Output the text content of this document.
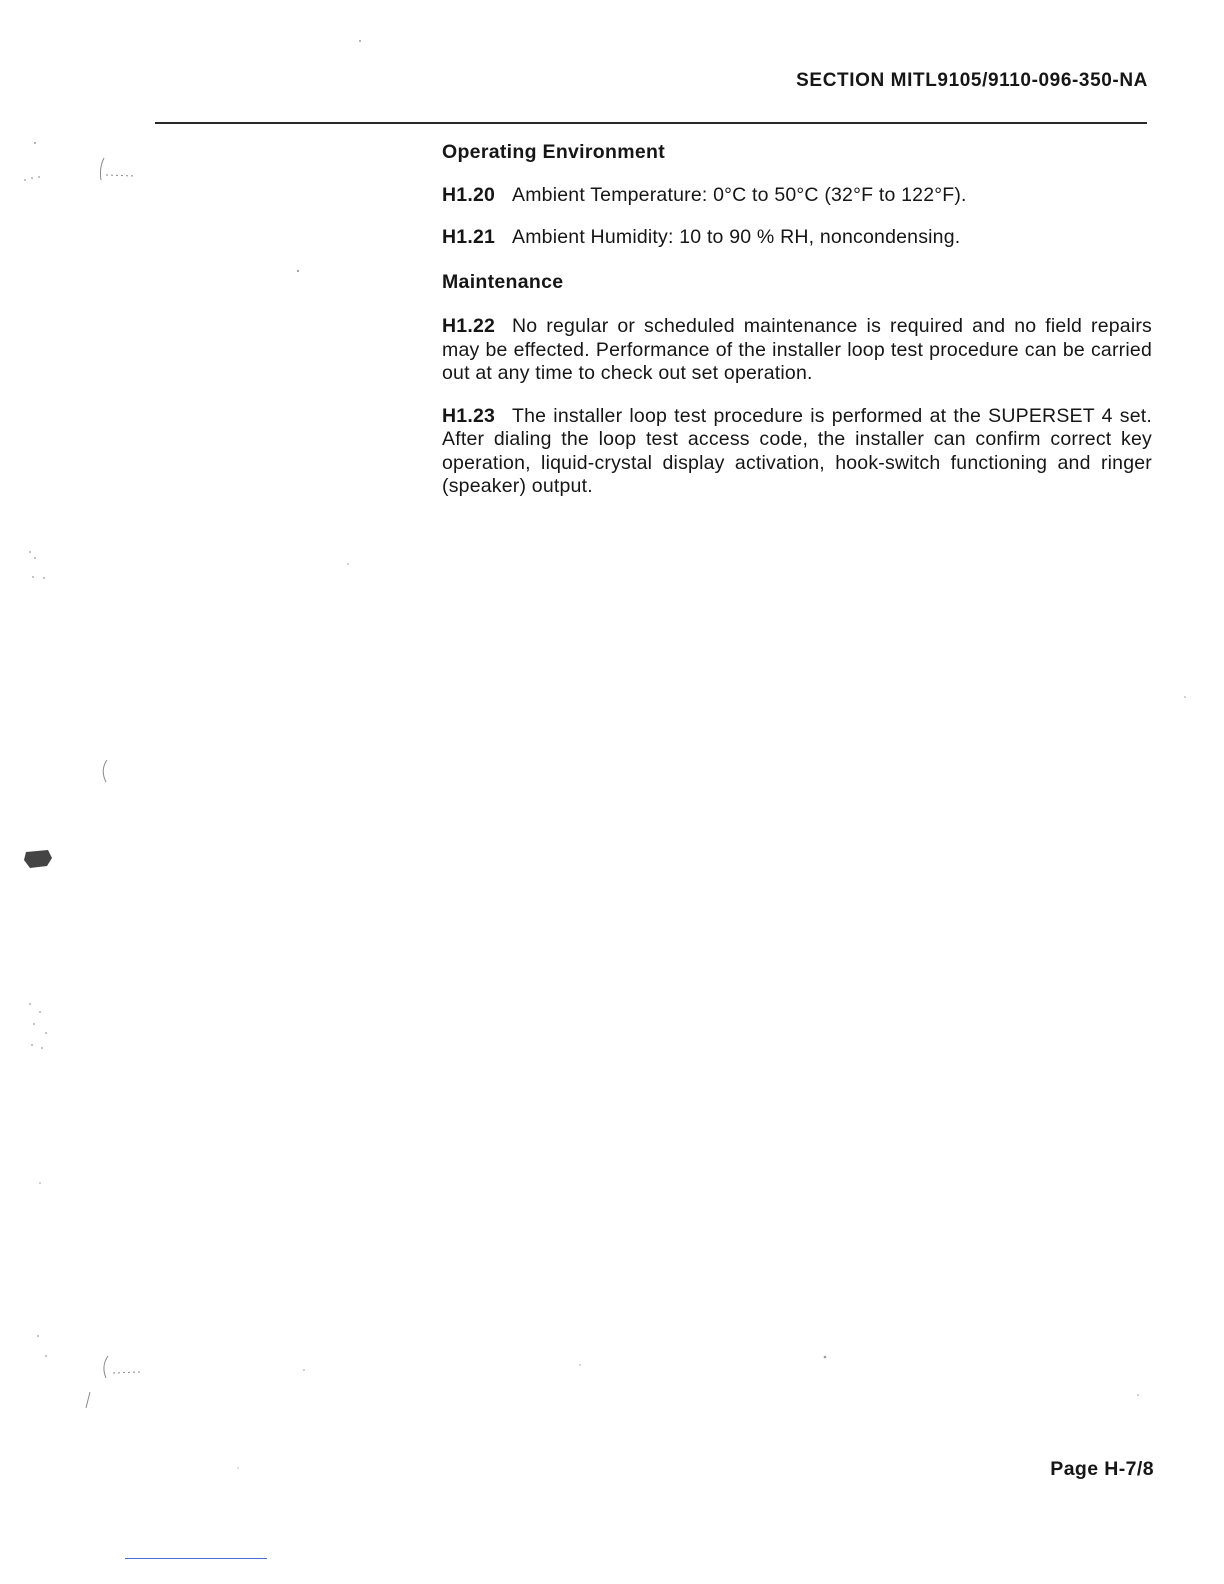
SECTION MITL9105/9110-096-350-NA

Operating Environment

H1.20 Ambient Temperature: 0°C to 50°C (32°F to 122°F).

H1.21 Ambient Humidity: 10 to 90 % RH, noncondensing.

Maintenance

H1.22 No regular or scheduled maintenance is required and no field repairs may be effected. Performance of the installer loop test procedure can be carried out at any time to check out set operation.

H1.23 The installer loop test procedure is performed at the SUPERSET 4 set. After dialing the loop test access code, the installer can confirm correct key operation, liquid-crystal display activation, hook-switch functioning and ringer (speaker) output.

Page H-7/8
